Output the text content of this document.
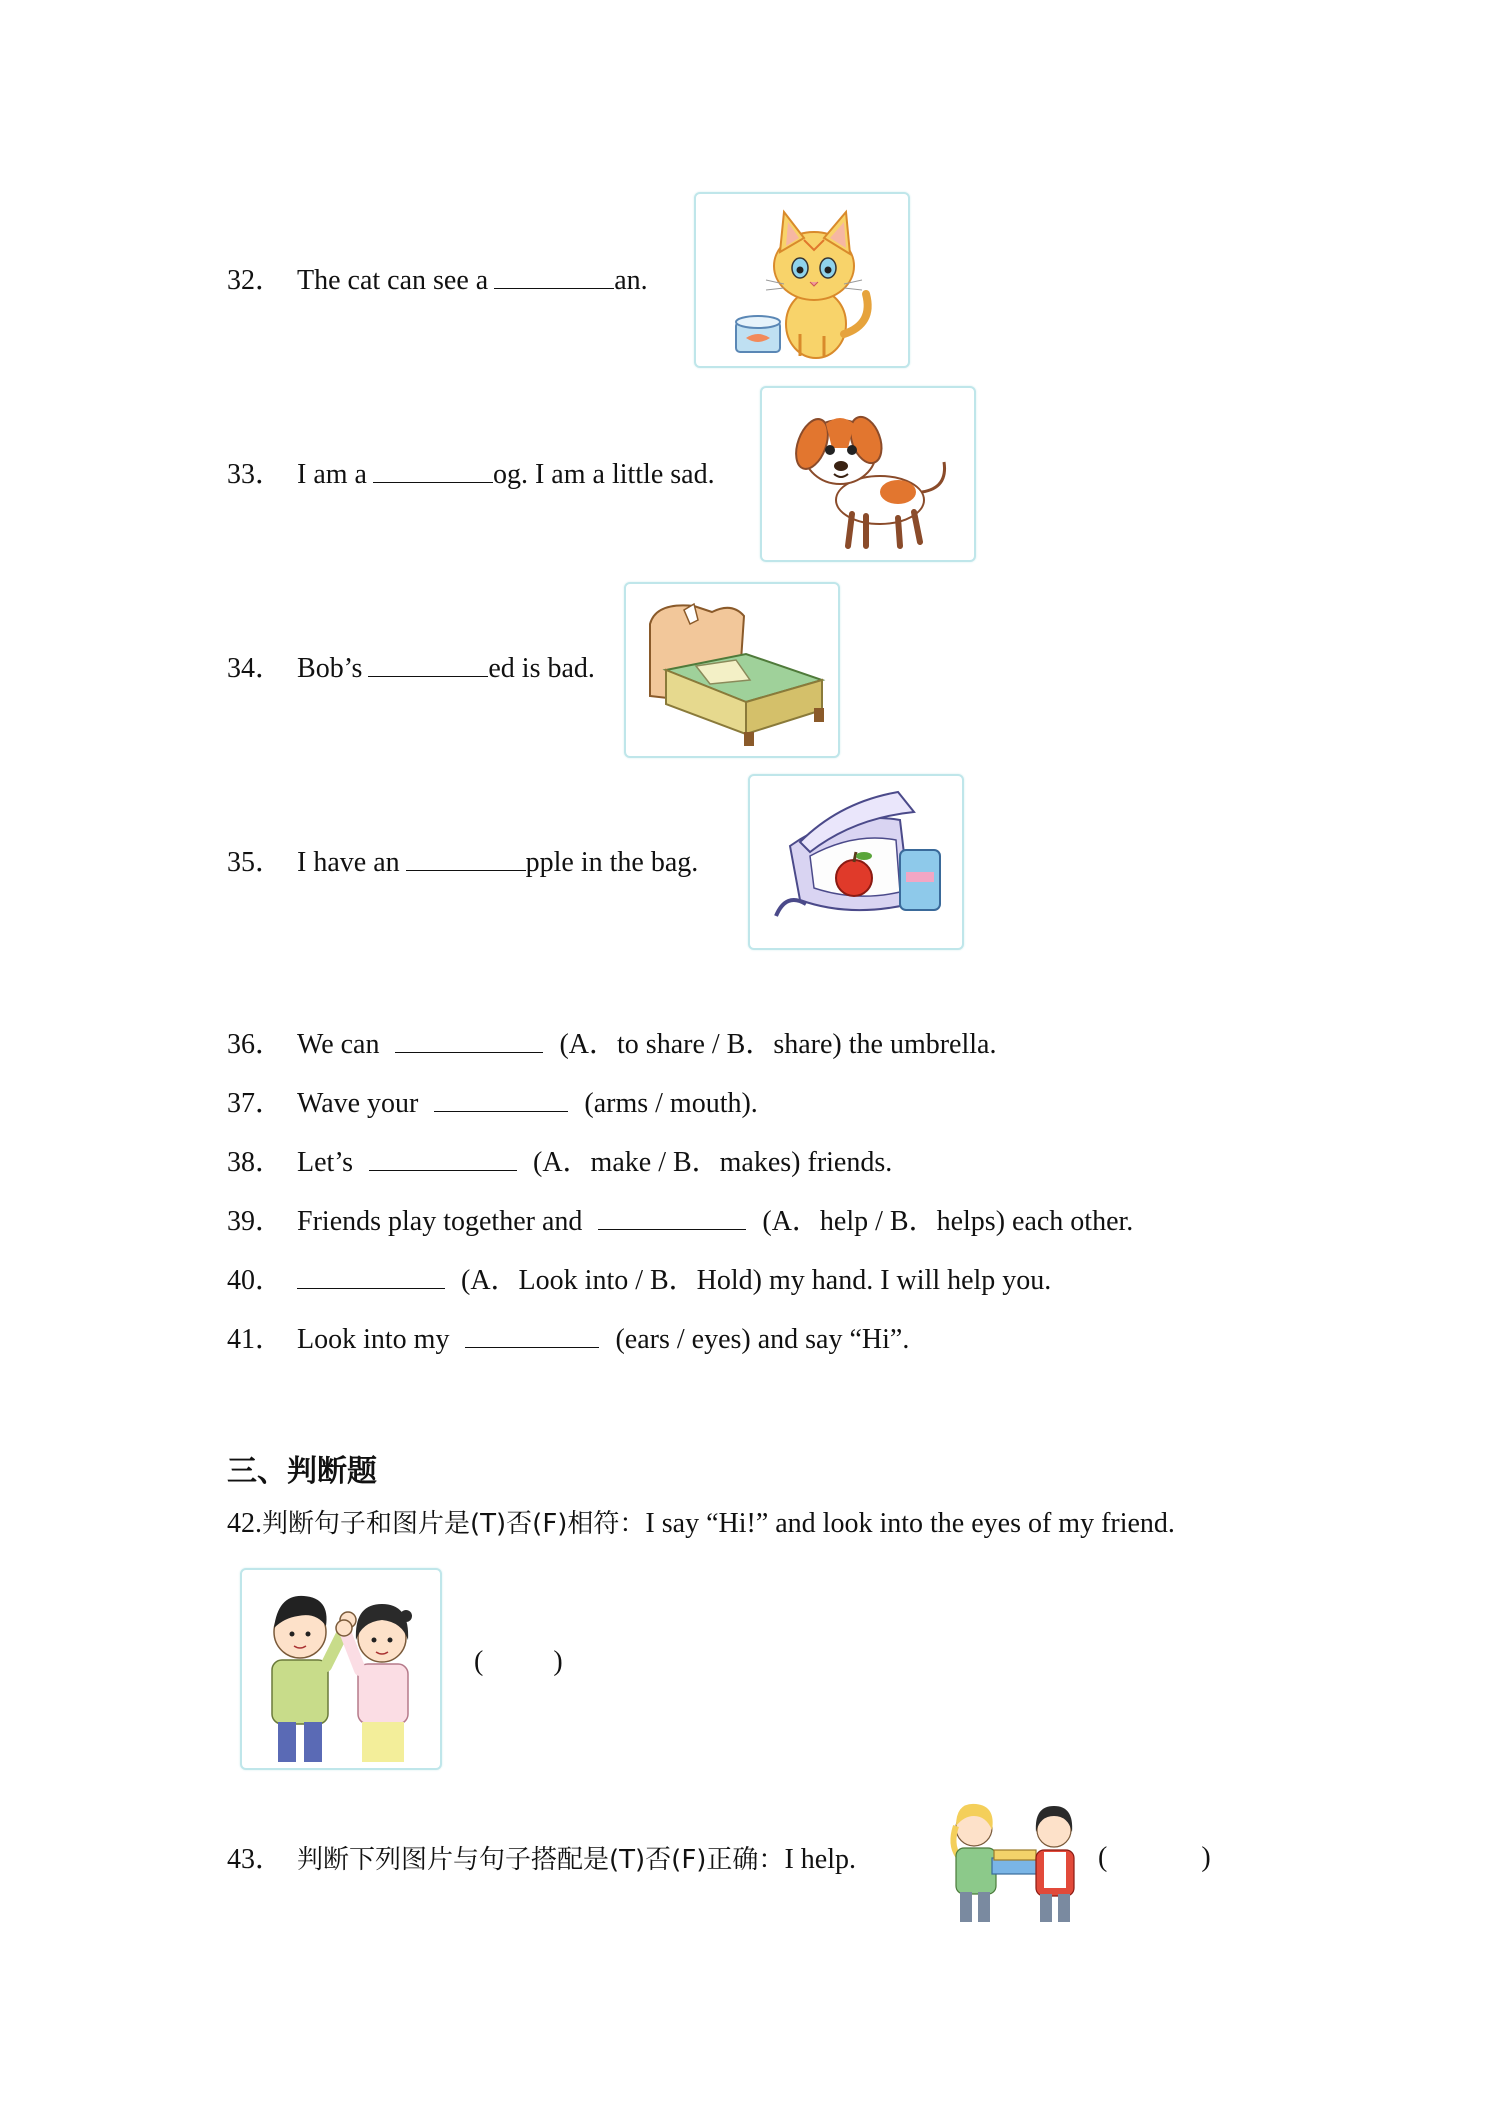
32． The cat can see a	an.
33． I am a	og. I am a little sad.
34． Bob’s	ed is bad.
35． I have an	pple in the bag.
36． We can	(A．to share / B．share) the umbrella.
37． Wave your	(arms / mouth).
38． Let’s	(A．make / B．makes) friends.
39． Friends play together and	(A．help / B．helps) each other.
40．	(A．Look into / B．Hold) my hand. I will help you.
41． Look into my	(ears / eyes) and say “Hi”.
三、判断题
42.判断句子和图片是(T)否(F)相符：I say “Hi!” and look into the eyes of my friend.
(	)
43． 判断下列图片与句子搭配是(T)否(F)正确：I help.	(	)
